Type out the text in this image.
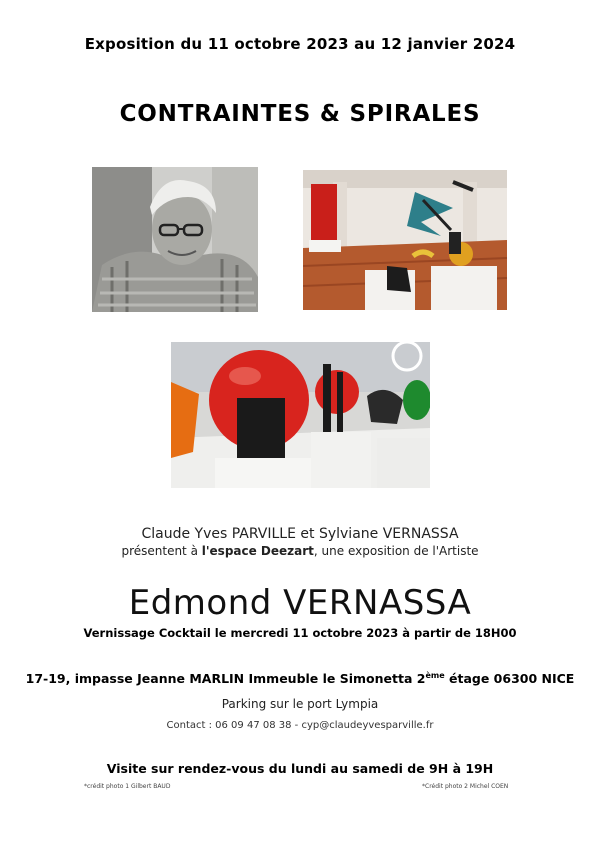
Exposition du 11 octobre 2023 au 12 janvier 2024
CONTRAINTES & SPIRALES
Claude Yves PARVILLE et Sylviane VERNASSA
présentent à l'espace Deezart, une exposition de l'Artiste
Edmond VERNASSA
Vernissage Cocktail le mercredi 11 octobre 2023 à partir de 18H00
17-19, impasse Jeanne MARLIN Immeuble le Simonetta 2ème étage 06300 NICE
Parking sur le port Lympia
Contact : 06 09 47 08 38 - cyp@claudeyvesparville.fr
Visite sur rendez-vous du lundi au samedi de 9H à 19H
*crédit photo 1 Gilbert BAUD	*Crédit photo 2 Michel COEN
